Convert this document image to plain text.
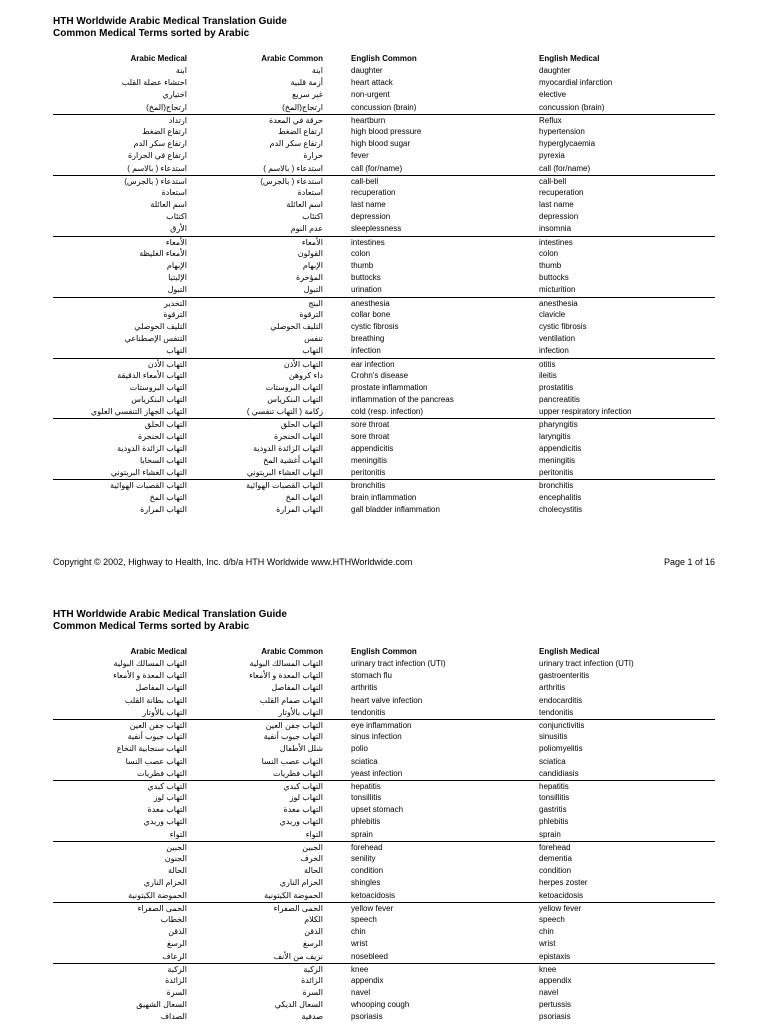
HTH Worldwide Arabic Medical Translation Guide
Common Medical Terms sorted by Arabic
Arabic Medical	Arabic Common	English Common	English Medical
ابنة	ابنة	daughter	daughter
احتشاء عضلة القلب	أزمة قلبية	heart attack	myocardial infarction
اختياري	غير سريع	non-urgent	elective
ارتجاج(المخ)	ارتجاج(المخ)	concussion (brain)	concussion (brain)
ارتداد	حرقة في المعدة	heartburn	Reflux
ارتفاع الضغط	ارتفاع الضغط	high blood pressure	hypertension
ارتفاع سكر الدم	ارتفاع سكر الدم	high blood sugar	hyperglycaemia
ارتفاع في الحرارة	حرارة	fever	pyrexia
استدعاء ( بالاسم )	استدعاء ( بالاسم )	call (for/name)	call (for/name)
استدعاء ( بالجرس)	استدعاء ( بالجرس)	call-bell	call-bell
استعادة	استعادة	recuperation	recuperation
اسم العائلة	اسم العائلة	last name	last name
اكتئاب	اكتئاب	depression	depression
الأرق	عدم النوم	sleeplessness	insomnia
الأمعاء	الأمعاء	intestines	intestines
الأمعاء الغليظة	القولون	colon	colon
الإبهام	الإبهام	thumb	thumb
الإليتيا	المؤخرة	buttocks	buttocks
التبول	التبول	urination	micturition
التخدير	البنج	anesthesia	anesthesia
الترقوة	الترقوة	collar bone	clavicle
التليف الحوصلي	التليف الحوصلي	cystic fibrosis	cystic fibrosis
التنفس الإصطناعي	تنفس	breathing	ventilation
التهاب	التهاب	infection	infection
التهاب الأذن	التهاب الأذن	ear infection	otitis
التهاب الأمعاء الدقيقة	داء كروهن	Crohn's disease	ileitis
التهاب البروستات	التهاب البروستات	prostate inflammation	prostatitis
التهاب البنكرياس	التهاب البنكرياس	inflammation of the pancreas	pancreatitis
التهاب الجهاز التنفسي العلوي	زكامة ( التهاب تنفسي )	cold (resp. infection)	upper respiratory infection
التهاب الحلق	التهاب الحلق	sore throat	pharyngitis
التهاب الحنجرة	التهاب الحنجرة	sore throat	laryngitis
التهاب الزائدة الدودية	التهاب الزائدة الدودية	appendicitis	appendicitis
التهاب السحايا	التهاب أغشية المخ	meningitis	meningitis
التهاب الغشاء البريتوني	التهاب الغشاء البريتوني	peritonitis	peritonitis
التهاب القصبات الهوائية	التهاب القصبات الهوائية	bronchitis	bronchitis
التهاب المخ	التهاب المخ	brain inflammation	encephalitis
التهاب المرارة	التهاب المرارة	gall bladder inflammation	cholecystitis
Copyright © 2002, Highway to Health, Inc. d/b/a HTH Worldwide www.HTHWorldwide.com	Page 1 of 16
HTH Worldwide Arabic Medical Translation Guide
Common Medical Terms sorted by Arabic
Arabic Medical	Arabic Common	English Common	English Medical
التهاب المسالك البولية	التهاب المسالك البولية	urinary tract infection (UTI)	urinary tract infection (UTI)
التهاب المعدة و الأمعاء	التهاب المعدة و الأمعاء	stomach flu	gastroenteritis
التهاب المفاصل	التهاب المفاصل	arthritis	arthritis
التهاب بطانة القلب	التهاب صمام القلب	heart valve infection	endocarditis
التهاب بالأوتار	التهاب بالأوتار	tendonitis	tendonitis
التهاب جفن العين	التهاب جفن العين	eye inflammation	conjunctivitis
التهاب جيوب أنفية	التهاب جيوب أنفية	sinus infection	sinusitis
التهاب سنجابية النخاع	شلل الأطفال	polio	poliomyelitis
التهاب عصب النسا	التهاب عصب النسا	sciatica	sciatica
التهاب فطريات	التهاب فطريات	yeast infection	candidiasis
التهاب كبدي	التهاب كبدي	hepatitis	hepatitis
التهاب لوز	التهاب لوز	tonsillitis	tonsillitis
التهاب معدة	التهاب معدة	upset stomach	gastritis
التهاب وريدي	التهاب وريدي	phlebitis	phlebitis
التواء	التواء	sprain	sprain
الجبين	الجبين	forehead	forehead
الجنون	الخرف	senility	dementia
الحالة	الحالة	condition	condition
الحزام الناري	الحزام الناري	shingles	herpes zoster
الحموضة الكيتونية	الحموضة الكيتونية	ketoacidosis	ketoacidosis
الحمى الصفراء	الحمى الصفراء	yellow fever	yellow fever
الخطاب	الكلام	speech	speech
الذقن	الذقن	chin	chin
الرسغ	الرسغ	wrist	wrist
الرعاف	نزيف من الأنف	nosebleed	epistaxis
الركبة	الركبة	knee	knee
الزائدة	الزائدة	appendix	appendix
السرة	السرة	navel	navel
السعال الشهيق	السعال الديكي	whooping cough	pertussis
الصداف	صدفية	psoriasis	psoriasis
